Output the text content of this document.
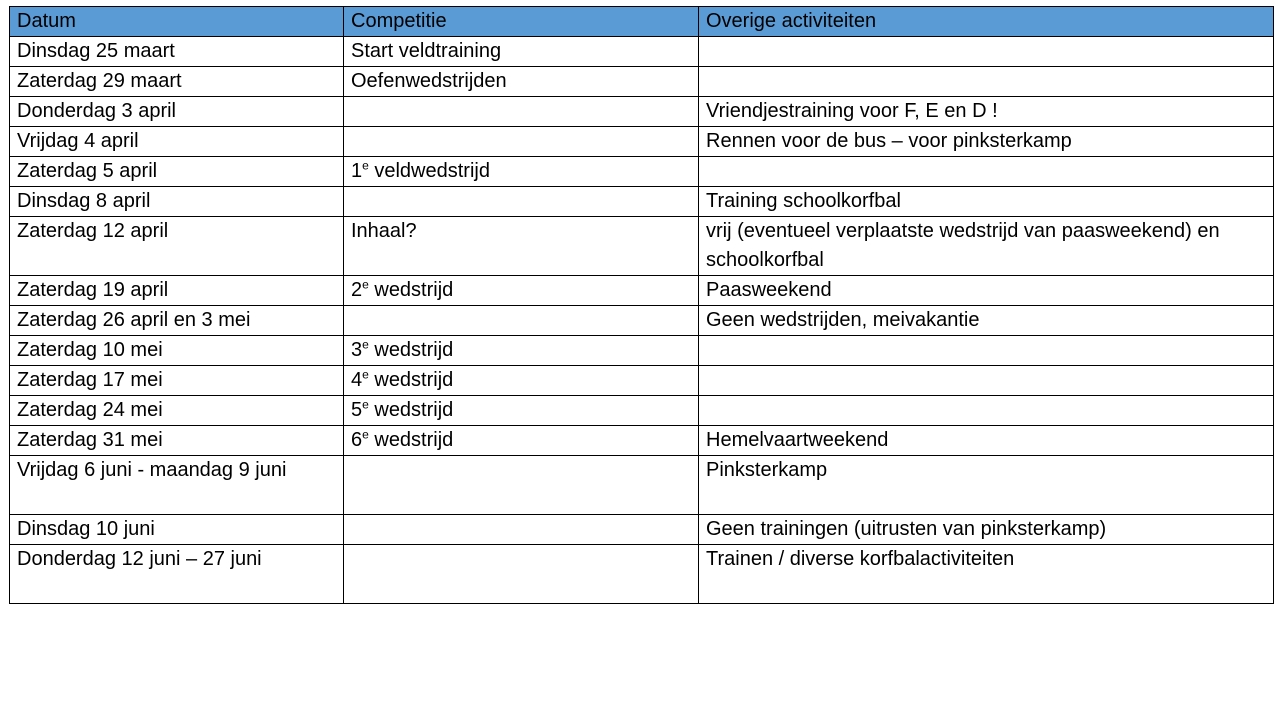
Datum	Competitie	Overige activiteiten
Dinsdag 25 maart	Start veldtraining	
Zaterdag 29 maart	Oefenwedstrijden	
Donderdag 3 april		Vriendjestraining voor F, E en D !
Vrijdag 4 april		Rennen voor de bus – voor pinksterkamp
Zaterdag 5 april	1e veldwedstrijd	
Dinsdag 8 april		Training schoolkorfbal
Zaterdag 12 april	Inhaal?	vrij (eventueel verplaatste wedstrijd van paasweekend) en schoolkorfbal
Zaterdag 19 april	2e wedstrijd	Paasweekend
Zaterdag 26 april en 3 mei		Geen wedstrijden, meivakantie
Zaterdag 10 mei	3e wedstrijd	
Zaterdag 17 mei	4e wedstrijd	
Zaterdag 24 mei	5e wedstrijd	
Zaterdag 31 mei	6e wedstrijd	Hemelvaartweekend
Vrijdag 6 juni - maandag 9 juni		Pinksterkamp
Dinsdag 10 juni		Geen trainingen (uitrusten van pinksterkamp)
Donderdag 12 juni – 27 juni		Trainen / diverse korfbalactiviteiten
